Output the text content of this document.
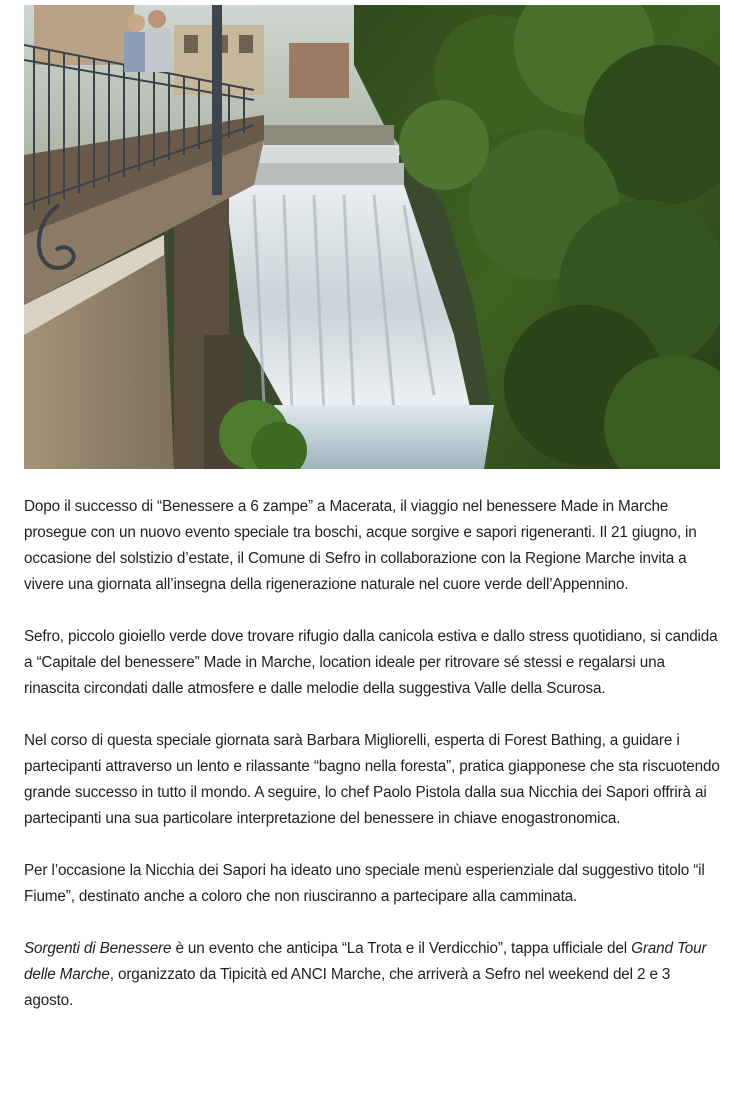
Dopo il successo di “Benessere a 6 zampe” a Macerata, il viaggio nel benessere Made in Marche prosegue con un nuovo evento speciale tra boschi, acque sorgive e sapori rigeneranti. Il 21 giugno, in occasione del solstizio d’estate, il Comune di Sefro in collaborazione con la Regione Marche invita a vivere una giornata all’insegna della rigenerazione naturale nel cuore verde dell’Appennino.

Sefro, piccolo gioiello verde dove trovare rifugio dalla canicola estiva e dallo stress quotidiano, si candida a “Capitale del benessere” Made in Marche, location ideale per ritrovare sé stessi e regalarsi una rinascita circondati dalle atmosfere e dalle melodie della suggestiva Valle della Scurosa.

Nel corso di questa speciale giornata sarà Barbara Migliorelli, esperta di Forest Bathing, a guidare i partecipanti attraverso un lento e rilassante “bagno nella foresta”, pratica giapponese che sta riscuotendo grande successo in tutto il mondo. A seguire, lo chef Paolo Pistola dalla sua Nicchia dei Sapori offrirà ai partecipanti una sua particolare interpretazione del benessere in chiave enogastronomica.

Per l’occasione la Nicchia dei Sapori ha ideato uno speciale menù esperienziale dal suggestivo titolo “il Fiume”, destinato anche a coloro che non riusciranno a partecipare alla camminata.

Sorgenti di Benessere è un evento che anticipa “La Trota e il Verdicchio”, tappa ufficiale del Grand Tour delle Marche, organizzato da Tipicità ed ANCI Marche, che arriverà a Sefro nel weekend del 2 e 3 agosto.
